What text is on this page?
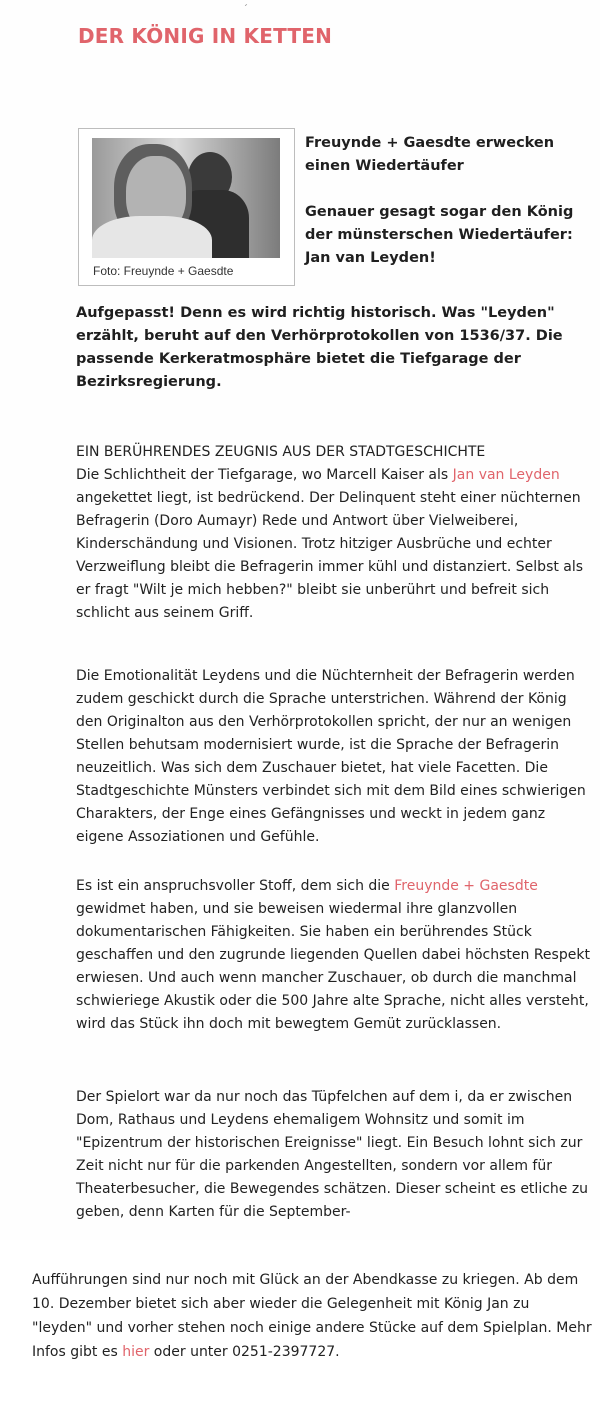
´
DER KÖNIG IN KETTEN
Foto: Freuynde + Gaesdte

Freuynde + Gaesdte erwecken einen Wiedertäufer

Genauer gesagt sogar den König der münsterschen Wiedertäufer: Jan van Leyden!

Aufgepasst! Denn es wird richtig historisch. Was "Leyden" erzählt, beruht auf den Verhörprotokollen von 1536/37. Die passende Kerkeratmosphäre bietet die Tiefgarage der Bezirksregierung.

EIN BERÜHRENDES ZEUGNIS AUS DER STADTGESCHICHTE

Die Schlichtheit der Tiefgarage, wo Marcell Kaiser als Jan van Leyden angekettet liegt, ist bedrückend. Der Delinquent steht einer nüchternen Befragerin (Doro Aumayr) Rede und Antwort über Vielweiberei, Kinderschändung und Visionen. Trotz hitziger Ausbrüche und echter Verzweiflung bleibt die Befragerin immer kühl und distanziert. Selbst als er fragt "Wilt je mich hebben?" bleibt sie unberührt und befreit sich schlicht aus seinem Griff.

Die Emotionalität Leydens und die Nüchternheit der Befragerin werden zudem geschickt durch die Sprache unterstrichen. Während der König den Originalton aus den Verhörprotokollen spricht, der nur an wenigen Stellen behutsam modernisiert wurde, ist die Sprache der Befragerin neuzeitlich. Was sich dem Zuschauer bietet, hat viele Facetten. Die Stadtgeschichte Münsters verbindet sich mit dem Bild eines schwierigen Charakters, der Enge eines Gefängnisses und weckt in jedem ganz eigene Assoziationen und Gefühle.

Es ist ein anspruchsvoller Stoff, dem sich die Freuynde + Gaesdte gewidmet haben, und sie beweisen wiedermal ihre glanzvollen dokumentarischen Fähigkeiten. Sie haben ein berührendes Stück geschaffen und den zugrunde liegenden Quellen dabei höchsten Respekt erwiesen. Und auch wenn mancher Zuschauer, ob durch die manchmal schwieriege Akustik oder die 500 Jahre alte Sprache, nicht alles versteht, wird das Stück ihn doch mit bewegtem Gemüt zurücklassen.

Der Spielort war da nur noch das Tüpfelchen auf dem i, da er zwischen Dom, Rathaus und Leydens ehemaligem Wohnsitz und somit im "Epizentrum der historischen Ereignisse" liegt. Ein Besuch lohnt sich zur Zeit nicht nur für die parkenden Angestellten, sondern vor allem für Theaterbesucher, die Bewegendes schätzen. Dieser scheint es etliche zu geben, denn Karten für die September-

Aufführungen sind nur noch mit Glück an der Abendkasse zu kriegen. Ab dem 10. Dezember bietet sich aber wieder die Gelegenheit mit König Jan zu "leyden" und vorher stehen noch einige andere Stücke auf dem Spielplan. Mehr Infos gibt es hier oder unter 0251-2397727.
